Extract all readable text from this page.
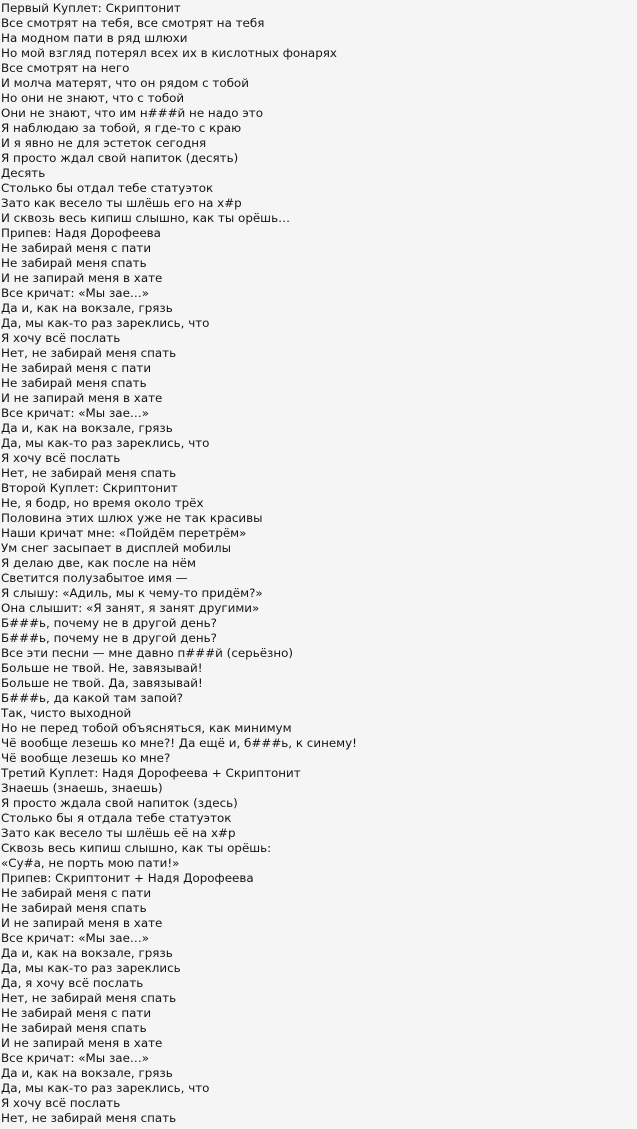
Первый Куплет: Скриптонит
Все смотрят на тебя, все смотрят на тебя
На модном пати в ряд шлюхи
Но мой взгляд потерял всех их в кислотных фонарях
Все смотрят на него
И молча матерят, что он рядом с тобой
Но они не знают, что с тобой
Они не знают, что им н###й не надо это
Я наблюдаю за тобой, я где-то с краю
И я явно не для эстеток сегодня
Я просто ждал свой напиток (десять)
Десять
Столько бы отдал тебе статуэток
Зато как весело ты шлёшь его на х#р
И сквозь весь кипиш слышно, как ты орёшь…
Припев: Надя Дорофеева
Не забирай меня с пати
Не забирай меня спать
И не запирай меня в хате
Все кричат: «Мы зае…»
Да и, как на вокзале, грязь
Да, мы как-то раз зареклись, что
Я хочу всё послать
Нет, не забирай меня спать
Не забирай меня с пати
Не забирай меня спать
И не запирай меня в хате
Все кричат: «Мы зае…»
Да и, как на вокзале, грязь
Да, мы как-то раз зареклись, что
Я хочу всё послать
Нет, не забирай меня спать
Второй Куплет: Скриптонит
Не, я бодр, но время около трёх
Половина этих шлюх уже не так красивы
Наши кричат мне: «Пойдём перетрём»
Ум снег засыпает в дисплей мобилы
Я делаю две, как после на нём
Светится полузабытое имя —
Я слышу: «Адиль, мы к чему-то придём?»
Она слышит: «Я занят, я занят другими»
Б###ь, почему не в другой день?
Б###ь, почему не в другой день?
Все эти песни — мне давно п###й (серьёзно)
Больше не твой. Не, завязывай!
Больше не твой. Да, завязывай!
Б###ь, да какой там запой?
Так, чисто выходной
Но не перед тобой объясняться, как минимум
Чё вообще лезешь ко мне?! Да ещё и, б###ь, к синему!
Чё вообще лезешь ко мне?
Третий Куплет: Надя Дорофеева + Скриптонит
Знаешь (знаешь, знаешь)
Я просто ждала свой напиток (здесь)
Столько бы я отдала тебе статуэток
Зато как весело ты шлёшь её на х#р
Сквозь весь кипиш слышно, как ты орёшь:
«Су#а, не порть мою пати!»
Припев: Скриптонит + Надя Дорофеева
Не забирай меня с пати
Не забирай меня спать
И не запирай меня в хате
Все кричат: «Мы зае…»
Да и, как на вокзале, грязь
Да, мы как-то раз зареклись
Да, я хочу всё послать
Нет, не забирай меня спать
Не забирай меня с пати
Не забирай меня спать
И не запирай меня в хате
Все кричат: «Мы зае…»
Да и, как на вокзале, грязь
Да, мы как-то раз зареклись, что
Я хочу всё послать
Нет, не забирай меня спать
